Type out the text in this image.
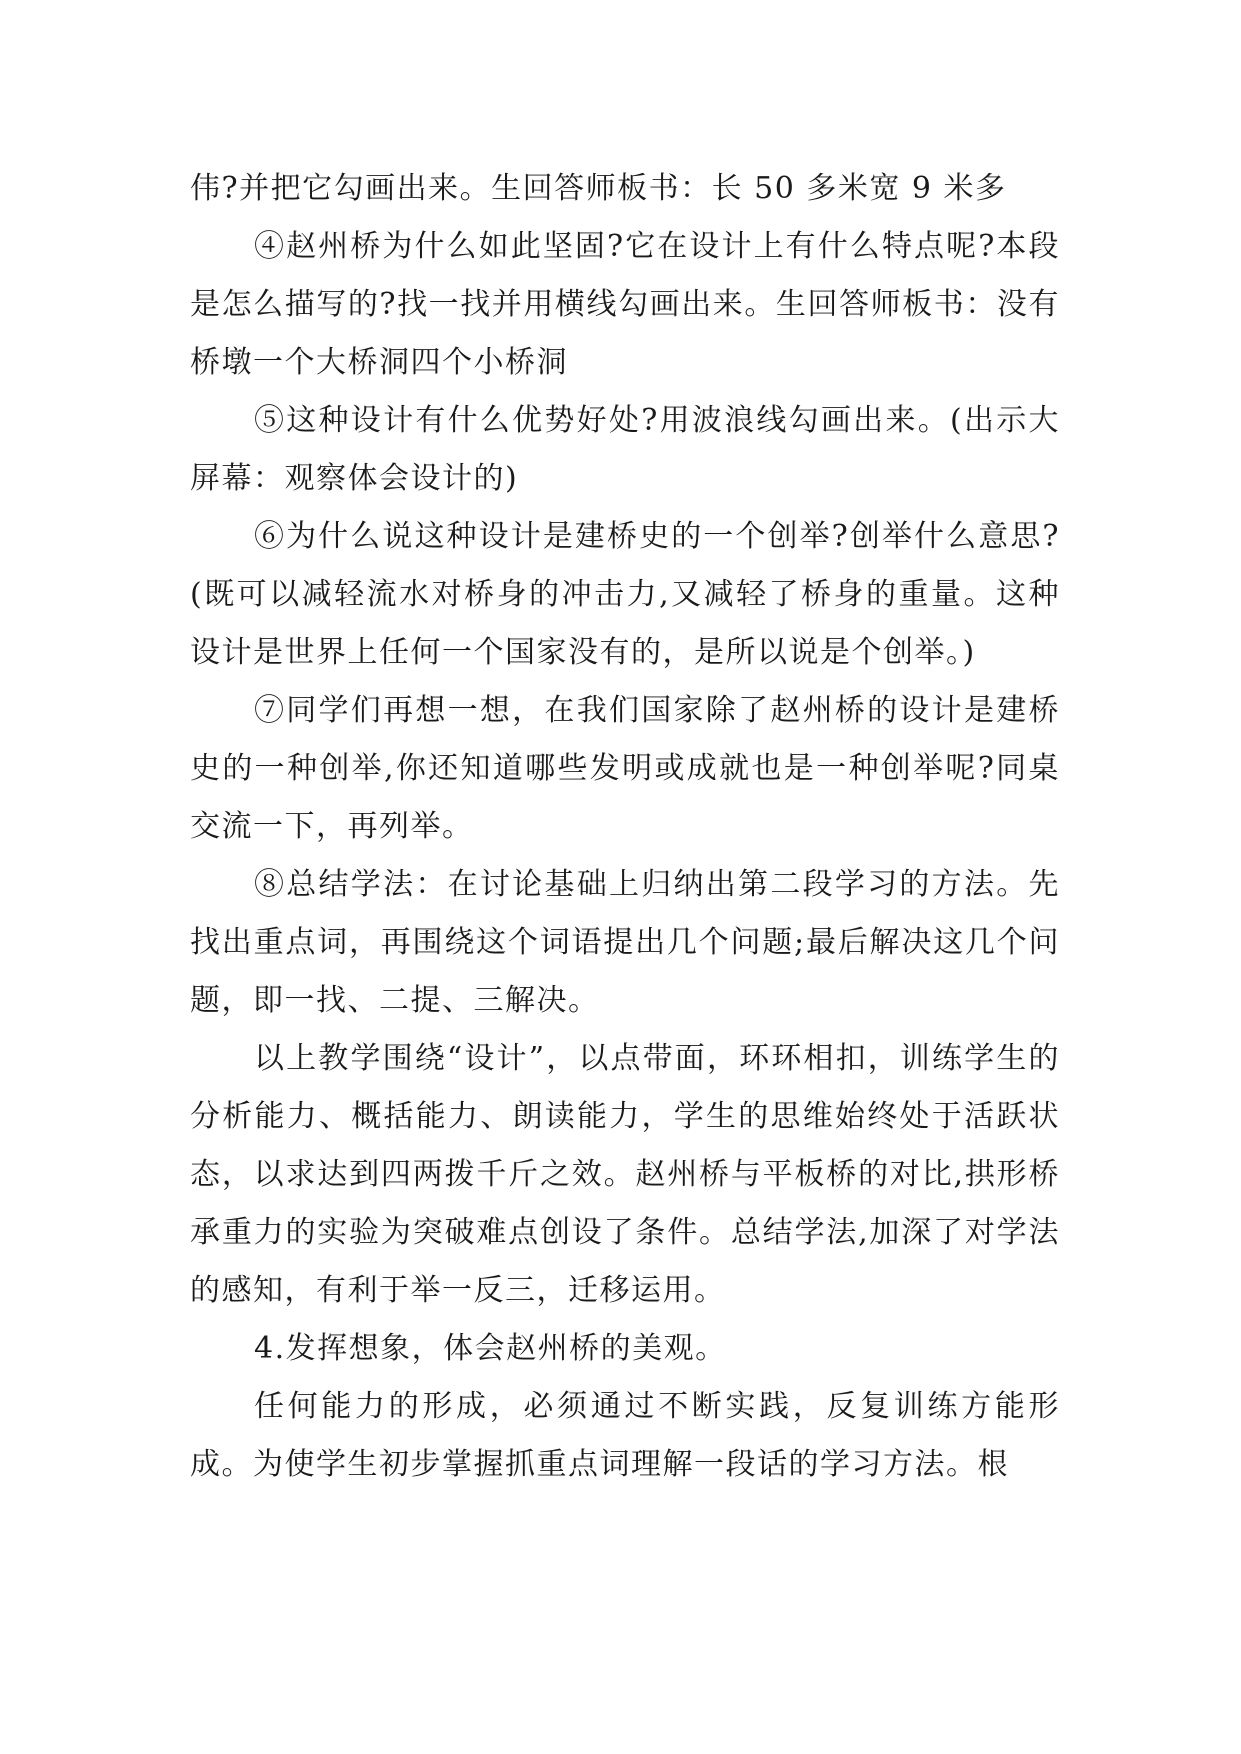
伟?并把它勾画出来。生回答师板书：长 50 多米宽 9 米多

④赵州桥为什么如此坚固?它在设计上有什么特点呢?本段是怎么描写的?找一找并用横线勾画出来。生回答师板书：没有桥墩一个大桥洞四个小桥洞

⑤这种设计有什么优势好处?用波浪线勾画出来。(出示大屏幕：观察体会设计的)

⑥为什么说这种设计是建桥史的一个创举?创举什么意思?(既可以减轻流水对桥身的冲击力,又减轻了桥身的重量。这种设计是世界上任何一个国家没有的，是所以说是个创举。)

⑦同学们再想一想，在我们国家除了赵州桥的设计是建桥史的一种创举,你还知道哪些发明或成就也是一种创举呢?同桌交流一下，再列举。

⑧总结学法：在讨论基础上归纳出第二段学习的方法。先找出重点词，再围绕这个词语提出几个问题;最后解决这几个问题，即一找、二提、三解决。

以上教学围绕“设计”，以点带面，环环相扣，训练学生的分析能力、概括能力、朗读能力，学生的思维始终处于活跃状态，以求达到四两拨千斤之效。赵州桥与平板桥的对比,拱形桥承重力的实验为突破难点创设了条件。总结学法,加深了对学法的感知，有利于举一反三，迁移运用。

4.发挥想象，体会赵州桥的美观。

任何能力的形成，必须通过不断实践，反复训练方能形成。为使学生初步掌握抓重点词理解一段话的学习方法。根
